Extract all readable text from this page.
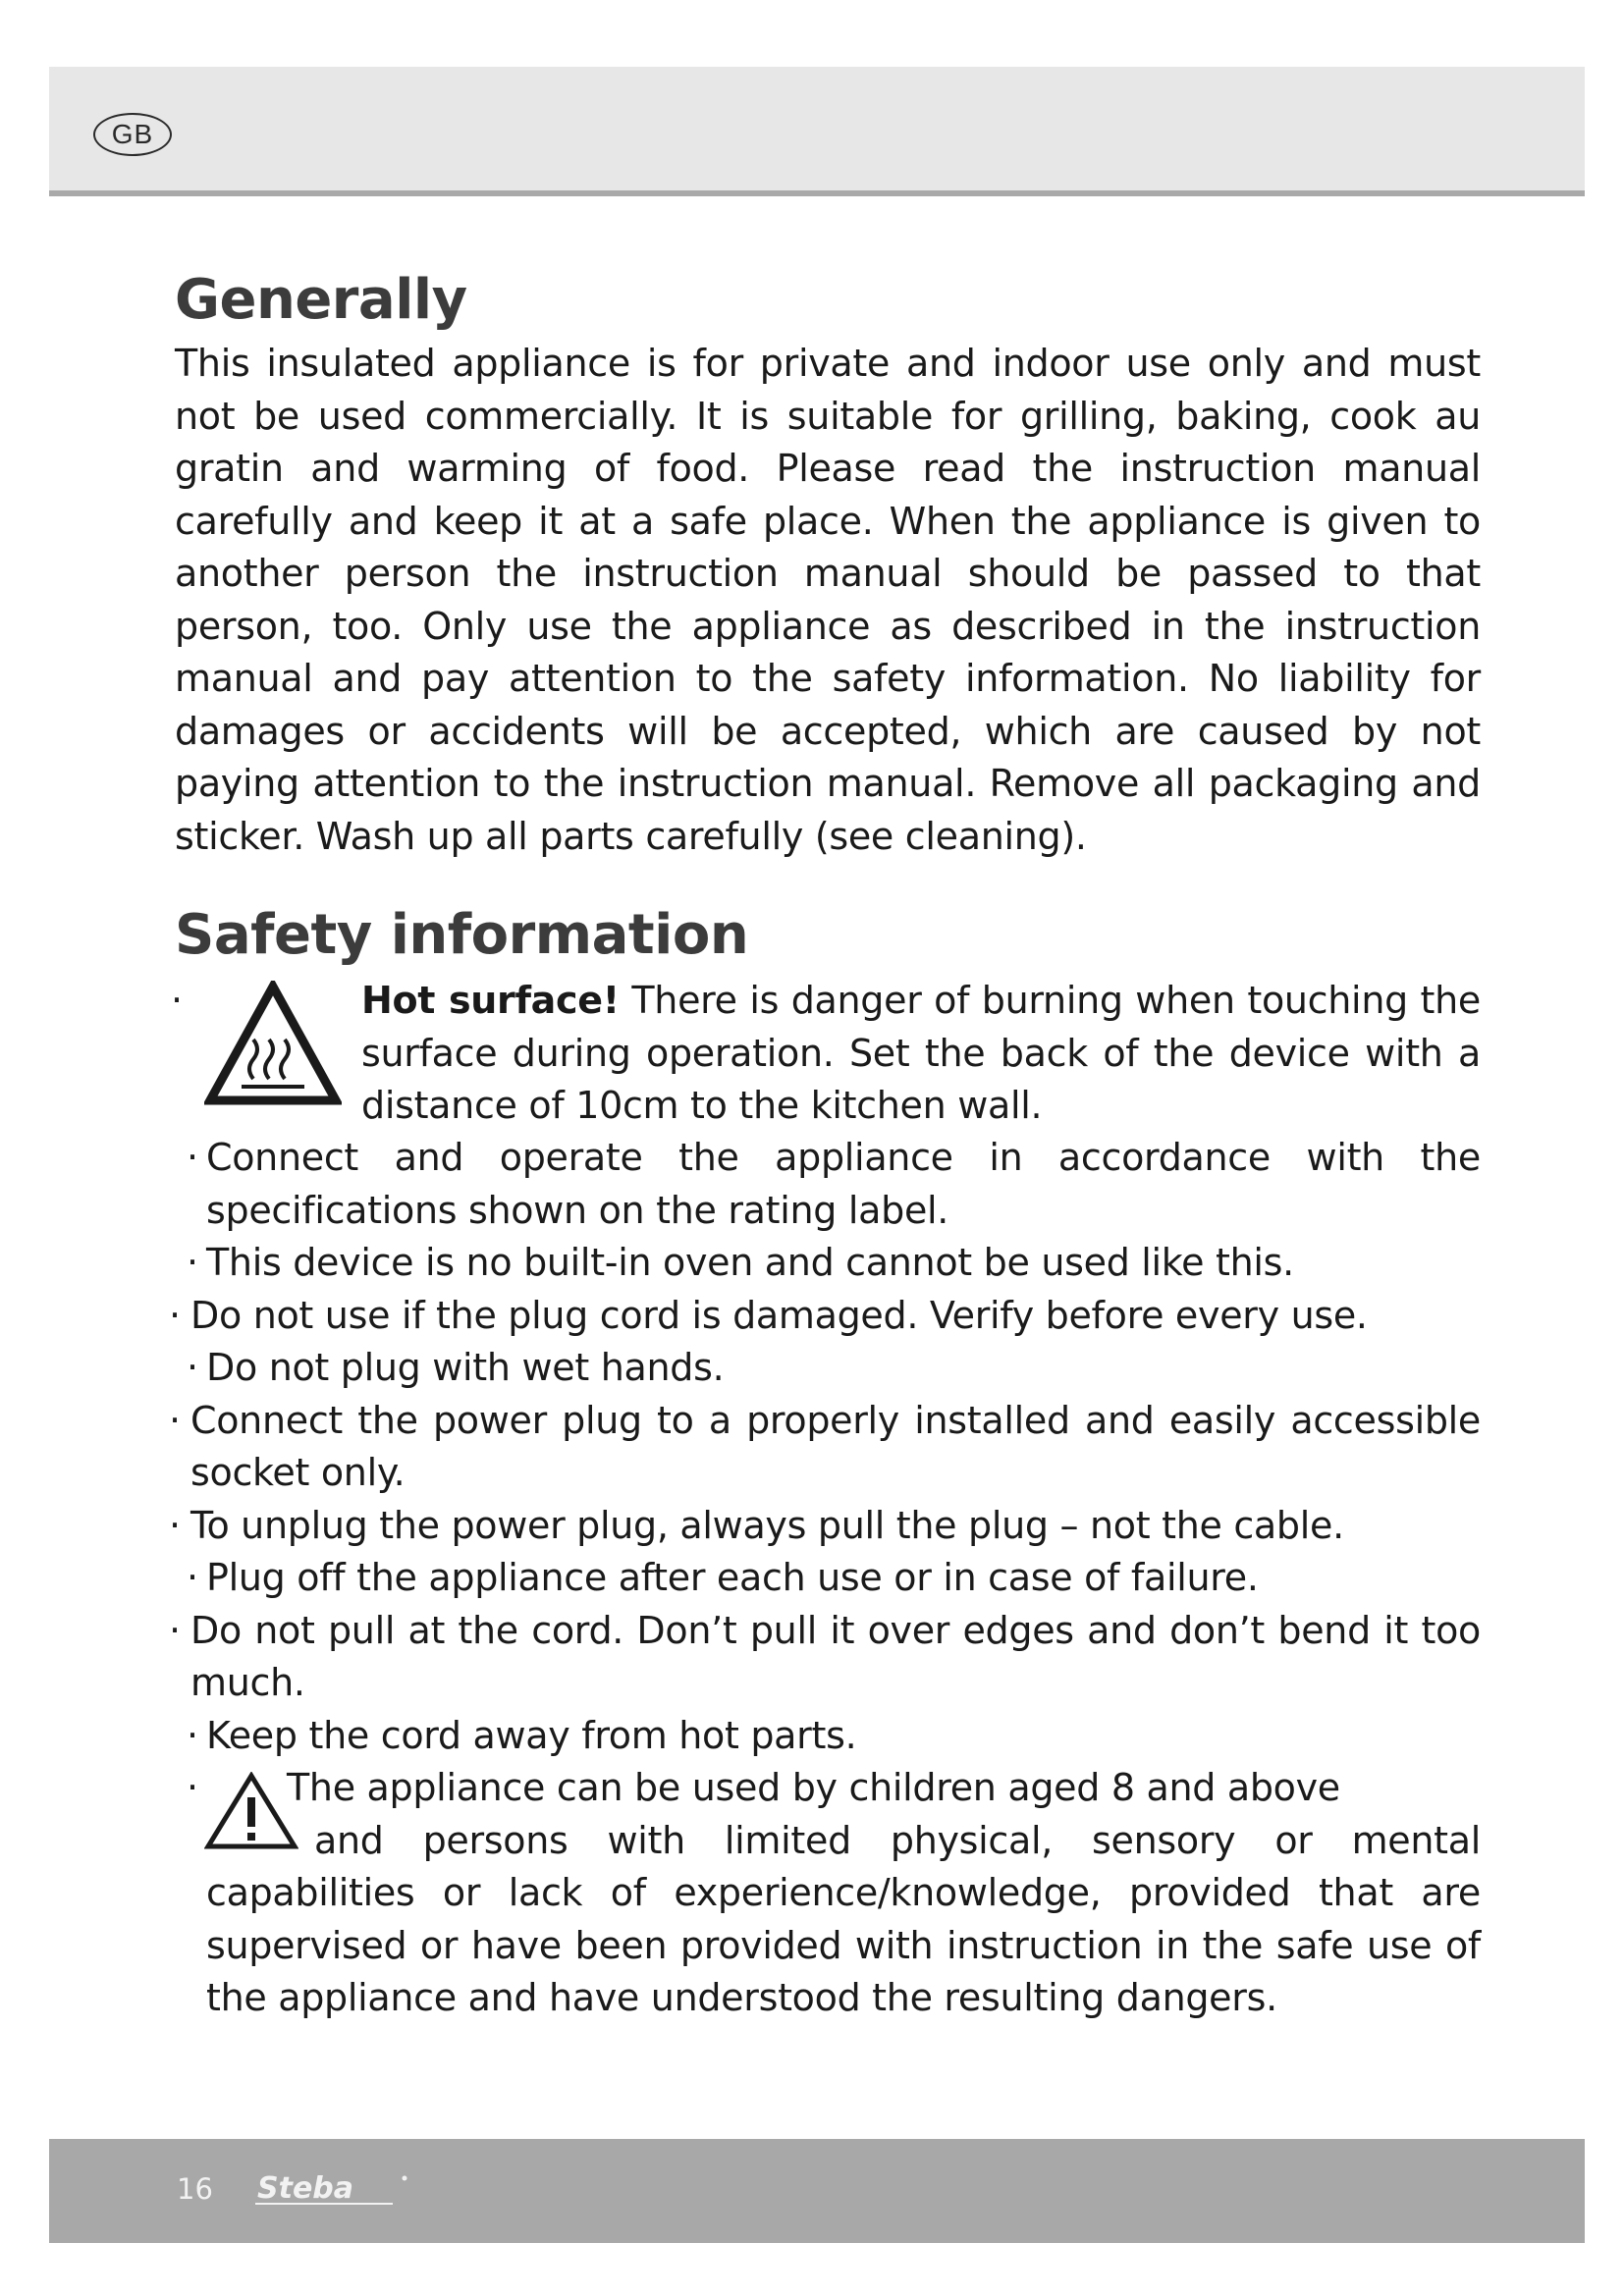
GB
Generally

This insulated appliance is for private and indoor use only and must not be used commercially. It is suitable for grilling, baking, cook au gratin and warming of food. Please read the instruction manual carefully and keep it at a safe place. When the appliance is given to another person the instruction manual should be passed to that person, too. Only use the appliance as described in the instruction manual and pay attention to the safety information. No liability for damages or accidents will be accepted, which are caused by not paying attention to the instruction manual. Remove all packaging and sticker. Wash up all parts carefully (see cleaning).

Safety information
·	Hot surface! There is danger of burning when touching the surface during operation. Set the back of the device with a distance of 10cm to the kitchen wall.
· Connect and operate the appliance in accordance with the specifications shown on the rating label.
· This device is no built-in oven and cannot be used like this.
· Do not use if the plug cord is damaged. Verify before every use.
· Do not plug with wet hands.
· Connect the power plug to a properly installed and easily accessible socket only.
· To unplug the power plug, always pull the plug – not the cable.
· Plug off the appliance after each use or in case of failure.
· Do not pull at the cord. Don’t pull it over edges and don’t bend it too much.
· Keep the cord away from hot parts.
·	The appliance can be used by children aged 8 and above
and persons with limited physical, sensory or mental capabilities or lack of experience/knowledge, provided that are supervised or have been provided with instruction in the safe use of the appliance and have understood the resulting dangers.
16 Steba
